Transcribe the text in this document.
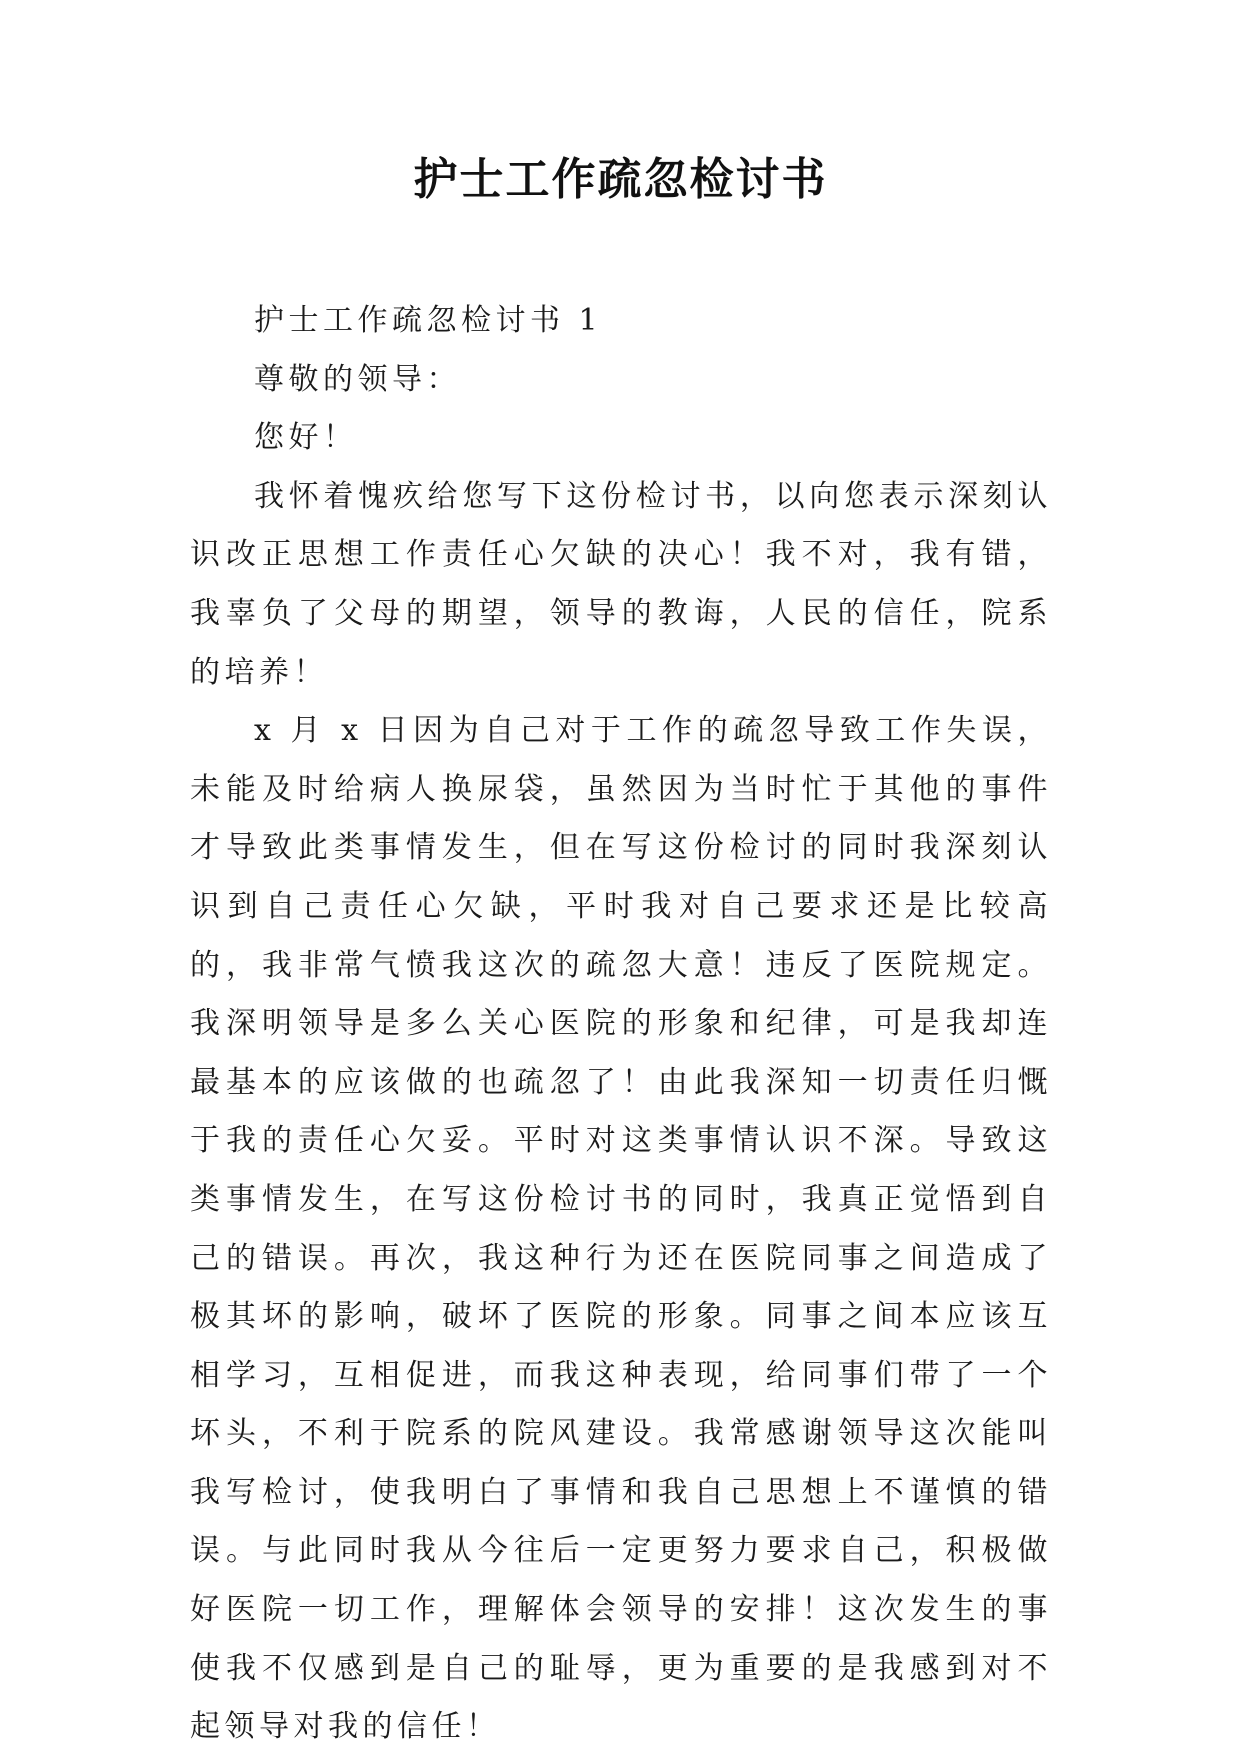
护士工作疏忽检讨书

护士工作疏忽检讨书 1

尊敬的领导：

您好！

我怀着愧疚给您写下这份检讨书，以向您表示深刻认识改正思想工作责任心欠缺的决心！我不对，我有错，我辜负了父母的期望，领导的教诲，人民的信任，院系的培养！

x 月 x 日因为自己对于工作的疏忽导致工作失误，未能及时给病人换尿袋，虽然因为当时忙于其他的事件才导致此类事情发生，但在写这份检讨的同时我深刻认识到自己责任心欠缺，平时我对自己要求还是比较高的，我非常气愤我这次的疏忽大意！违反了医院规定。我深明领导是多么关心医院的形象和纪律，可是我却连最基本的应该做的也疏忽了！由此我深知一切责任归慨于我的责任心欠妥。平时对这类事情认识不深。导致这类事情发生，在写这份检讨书的同时，我真正觉悟到自己的错误。再次，我这种行为还在医院同事之间造成了极其坏的影响，破坏了医院的形象。同事之间本应该互相学习，互相促进，而我这种表现，给同事们带了一个坏头，不利于院系的院风建设。我常感谢领导这次能叫我写检讨，使我明白了事情和我自己思想上不谨慎的错误。与此同时我从今往后一定更努力要求自己，积极做好医院一切工作，理解体会领导的安排！这次发生的事使我不仅感到是自己的耻辱，更为重要的是我感到对不起领导对我的信任！
